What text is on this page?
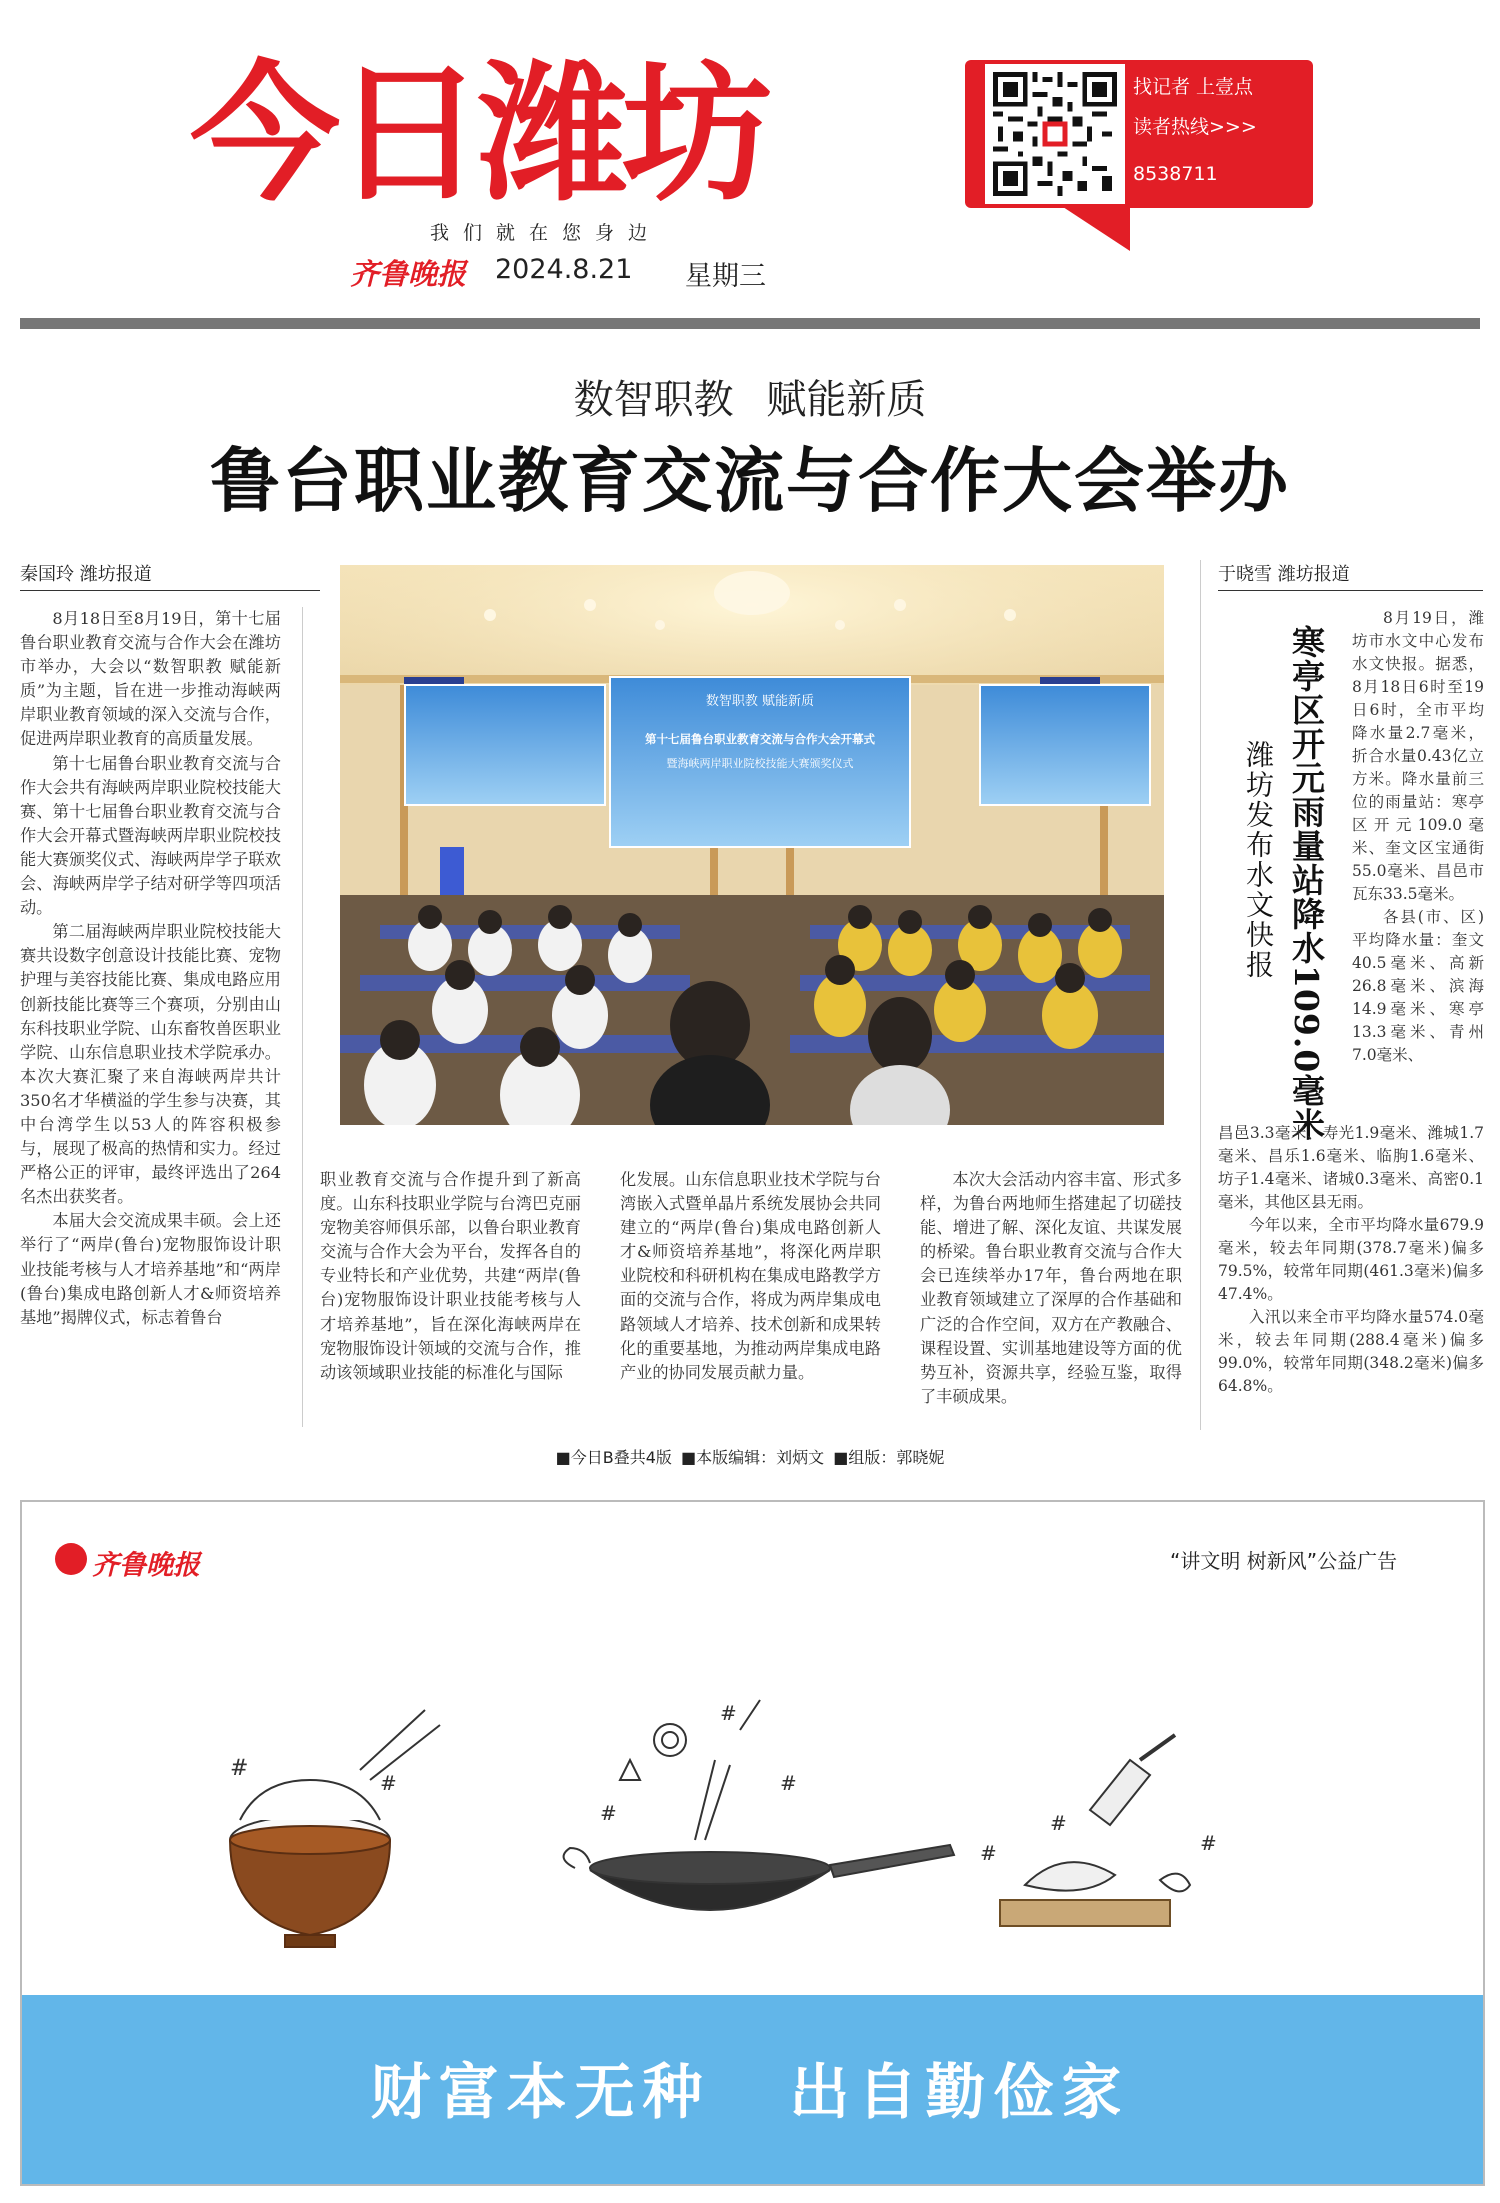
今日潍坊
我们就在您身边
齐鲁晚报 2024.8.21 星期三
找记者 上壹点
读者热线>>>
8538711
数智职教 赋能新质
鲁台职业教育交流与合作大会举办
秦国玲 潍坊报道

8月18日至8月19日，第十七届鲁台职业教育交流与合作大会在潍坊市举办，大会以“数智职教 赋能新质”为主题，旨在进一步推动海峡两岸职业教育领域的深入交流与合作，促进两岸职业教育的高质量发展。

第十七届鲁台职业教育交流与合作大会共有海峡两岸职业院校技能大赛、第十七届鲁台职业教育交流与合作大会开幕式暨海峡两岸职业院校技能大赛颁奖仪式、海峡两岸学子联欢会、海峡两岸学子结对研学等四项活动。

第二届海峡两岸职业院校技能大赛共设数字创意设计技能比赛、宠物护理与美容技能比赛、集成电路应用创新技能比赛等三个赛项，分别由山东科技职业学院、山东畜牧兽医职业学院、山东信息职业技术学院承办。本次大赛汇聚了来自海峡两岸共计350名才华横溢的学生参与决赛，其中台湾学生以53人的阵容积极参与，展现了极高的热情和实力。经过严格公正的评审，最终评选出了264名杰出获奖者。

本届大会交流成果丰硕。会上还举行了“两岸(鲁台)宠物服饰设计职业技能考核与人才培养基地”和“两岸(鲁台)集成电路创新人才&师资培养基地”揭牌仪式，标志着鲁台

数智职教 赋能新质
第十七届鲁台职业教育交流与合作大会开幕式
暨海峡两岸职业院校技能大赛颁奖仪式

职业教育交流与合作提升到了新高度。山东科技职业学院与台湾巴克丽宠物美容师俱乐部，以鲁台职业教育交流与合作大会为平台，发挥各自的专业特长和产业优势，共建“两岸(鲁台)宠物服饰设计职业技能考核与人才培养基地”，旨在深化海峡两岸在宠物服饰设计领域的交流与合作，推动该领域职业技能的标准化与国际

化发展。山东信息职业技术学院与台湾嵌入式暨单晶片系统发展协会共同建立的“两岸(鲁台)集成电路创新人才&师资培养基地”，将深化两岸职业院校和科研机构在集成电路教学方面的交流与合作，将成为两岸集成电路领域人才培养、技术创新和成果转化的重要基地，为推动两岸集成电路产业的协同发展贡献力量。

本次大会活动内容丰富、形式多样，为鲁台两地师生搭建起了切磋技能、增进了解、深化友谊、共谋发展的桥梁。鲁台职业教育交流与合作大会已连续举办17年，鲁台两地在职业教育领域建立了深厚的合作基础和广泛的合作空间，双方在产教融合、课程设置、实训基地建设等方面的优势互补，资源共享，经验互鉴，取得了丰硕成果。

于晓雪 潍坊报道
寒亭区开元雨量站降水109.0毫米
潍坊发布水文快报

8月19日，潍坊市水文中心发布水文快报。据悉，8月18日6时至19日6时，全市平均降水量2.7毫米，折合水量0.43亿立方米。降水量前三位的雨量站：寒亭区开元109.0毫米、奎文区宝通街55.0毫米、昌邑市瓦东33.5毫米。

各县(市、区)平均降水量：奎文40.5毫米、高新26.8毫米、滨海14.9毫米、寒亭13.3毫米、青州7.0毫米、

昌邑3.3毫米、寿光1.9毫米、潍城1.7毫米、昌乐1.6毫米、临朐1.6毫米、坊子1.4毫米、诸城0.3毫米、高密0.1毫米，其他区县无雨。

今年以来，全市平均降水量679.9毫米，较去年同期(378.7毫米)偏多79.5%，较常年同期(461.3毫米)偏多47.4%。

入汛以来全市平均降水量574.0毫米，较去年同期(288.4毫米)偏多99.0%，较常年同期(348.2毫米)偏多64.8%。

■今日B叠共4版 ■本版编辑：刘炳文 ■组版：郭晓妮
齐鲁晚报	“讲文明 树新风”公益广告
#
#
#
#
#	#
#
#
财富本无种 出自勤俭家
